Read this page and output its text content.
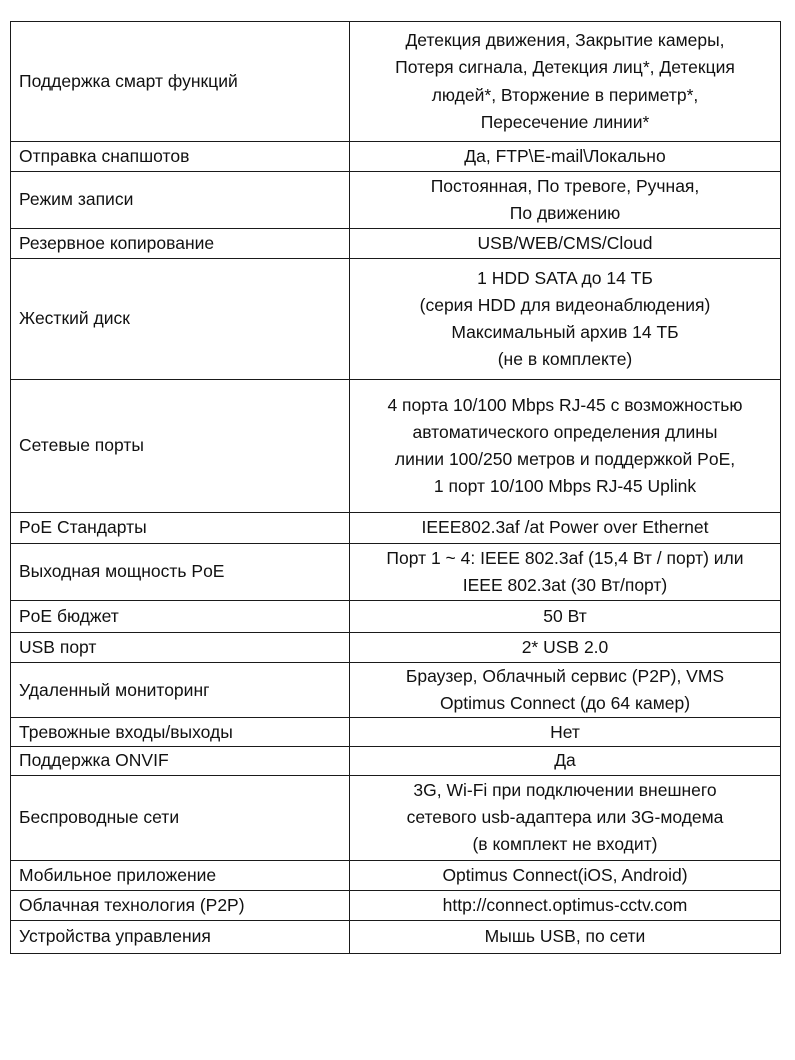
Поддержка смарт функций	Детекция движения, Закрытие камеры,
Потеря сигнала, Детекция лиц*, Детекция
людей*, Вторжение в периметр*,
Пересечение линии*

Отправка снапшотов	Да, FTP\E-mail\Локально

Режим записи	Постоянная, По тревоге, Ручная,
По движению

Резервное копирование	USB/WEB/CMS/Cloud

Жесткий диск	1 HDD SATA до 14 ТБ
(серия HDD для видеонаблюдения)
Максимальный архив 14 ТБ
(не в комплекте)

Сетевые порты	4 порта 10/100 Mbps RJ-45 с возможностью
автоматического определения длины
линии 100/250 метров и поддержкой PoE,
1 порт 10/100 Mbps RJ-45 Uplink

PoE Стандарты	IEEE802.3af /at Power over Ethernet

Выходная мощность PoE	Порт 1 ~ 4: IEEE 802.3af (15,4 Вт / порт) или
IEEE 802.3at (30 Вт/порт)

PoE бюджет	50 Вт

USB порт	2* USB 2.0

Удаленный мониторинг	Браузер, Облачный сервис (P2P), VMS
Optimus Connect (до 64 камер)

Тревожные входы/выходы	Нет

Поддержка ONVIF	Да

Беспроводные сети	3G, Wi-Fi при подключении внешнего
сетевого usb-адаптера или 3G-модема
(в комплект не входит)

Мобильное приложение	Optimus Connect(iOS, Android)

Облачная технология (P2P)	http://connect.optimus-cctv.com

Устройства управления	Мышь USB, по сети
